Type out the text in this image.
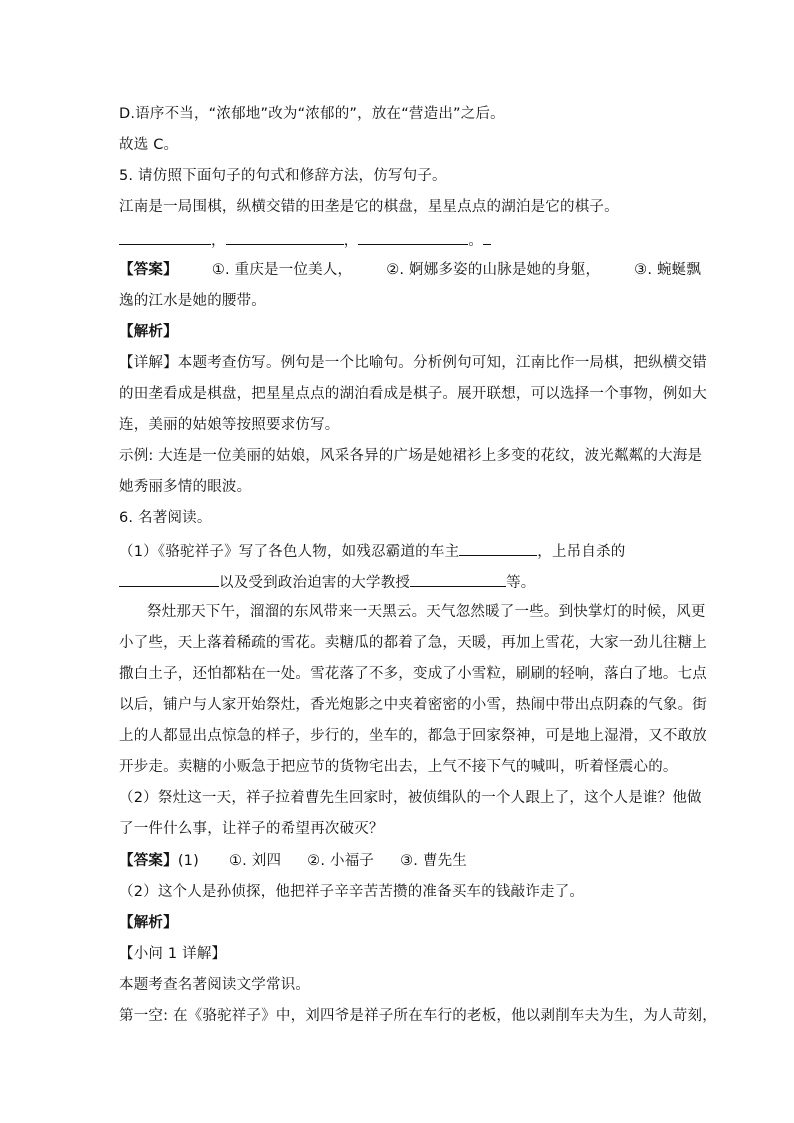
D.语序不当，“浓郁地”改为“浓郁的”，放在“营造出”之后。
故选 C。
5. 请仿照下面句子的句式和修辞方法，仿写句子。
江南是一局围棋，纵横交错的田垄是它的棋盘，星星点点的湖泊是它的棋子。
，	，	。
【答案】 ①. 重庆是一位美人， ②. 婀娜多姿的山脉是她的身躯， ③. 蜿蜒飘
逸的江水是她的腰带。
【解析】
【详解】本题考查仿写。例句是一个比喻句。分析例句可知，江南比作一局棋，把纵横交错
的田垄看成是棋盘，把星星点点的湖泊看成是棋子。展开联想，可以选择一个事物，例如大
连，美丽的姑娘等按照要求仿写。
示例: 大连是一位美丽的姑娘，风采各异的广场是她裙衫上多变的花纹，波光粼粼的大海是
她秀丽多情的眼波。
6. 名著阅读。
（1）《骆驼祥子》写了各色人物，如残忍霸道的车主	，上吊自杀的
以及受到政治迫害的大学教授	等。
祭灶那天下午，溜溜的东风带来一天黑云。天气忽然暖了一些。到快掌灯的时候，风更
小了些，天上落着稀疏的雪花。卖糖瓜的都着了急，天暖，再加上雪花，大家一劲儿往糖上
撒白土子，还怕都粘在一处。雪花落了不多，变成了小雪粒，刷刷的轻响，落白了地。七点
以后，铺户与人家开始祭灶，香光炮影之中夹着密密的小雪，热闹中带出点阴森的气象。街
上的人都显出点惊急的样子，步行的，坐车的，都急于回家祭神，可是地上湿滑，又不敢放
开步走。卖糖的小贩急于把应节的货物宅出去，上气不接下气的喊叫，听着怪震心的。
（2）祭灶这一天，祥子拉着曹先生回家时，被侦缉队的一个人跟上了，这个人是谁？他做
了一件什么事，让祥子的希望再次破灭？
【答案】(1) ①. 刘四 ②. 小福子 ③. 曹先生
（2）这个人是孙侦探，他把祥子辛辛苦苦攒的准备买车的钱敲诈走了。
【解析】
【小问 1 详解】
本题考查名著阅读文学常识。
第一空: 在《骆驼祥子》中，刘四爷是祥子所在车行的老板，他以剥削车夫为生，为人苛刻，
